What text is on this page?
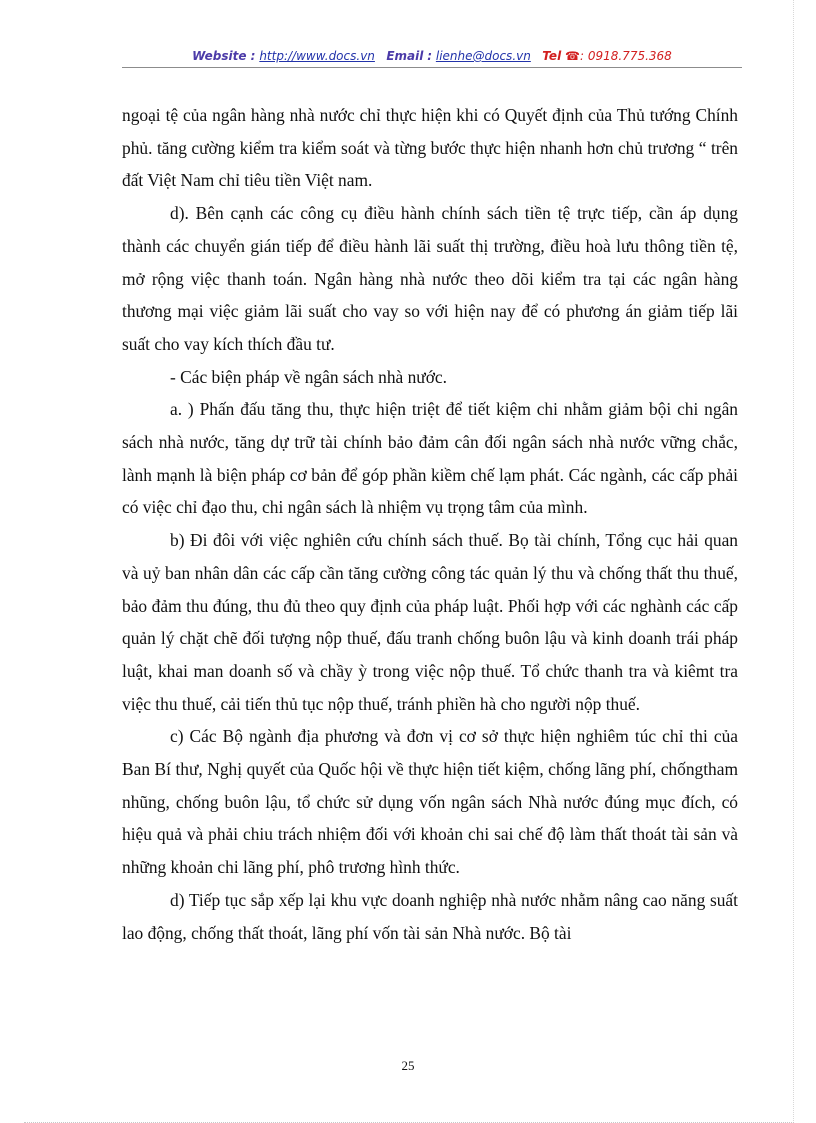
Website : http://www.docs.vn Email : lienhe@docs.vn Tel ☎: 0918.775.368

ngoại tệ của ngân hàng nhà nước chỉ thực hiện khi có Quyết định của Thủ tướng Chính phủ. tăng cường kiểm tra kiểm soát và từng bước thực hiện nhanh hơn chủ trương “ trên đất Việt Nam chỉ tiêu tiền Việt nam.

d). Bên cạnh các công cụ điều hành chính sách tiền tệ trực tiếp, cần áp dụng thành các chuyển gián tiếp để điều hành lãi suất thị trường, điều hoà lưu thông tiền tệ, mở rộng việc thanh toán. Ngân hàng nhà nước theo dõi kiểm tra tại các ngân hàng thương mại việc giảm lãi suất cho vay so với hiện nay để có phương án giảm tiếp lãi suất cho vay kích thích đầu tư.

- Các biện pháp về ngân sách nhà nước.

a. ) Phấn đấu tăng thu, thực hiện triệt để tiết kiệm chi nhằm giảm bội chi ngân sách nhà nước, tăng dự trữ tài chính bảo đảm cân đối ngân sách nhà nước vững chắc, lành mạnh là biện pháp cơ bản để góp phần kiềm chế lạm phát. Các ngành, các cấp phải có việc chỉ đạo thu, chi ngân sách là nhiệm vụ trọng tâm của mình.

b) Đi đôi với việc nghiên cứu chính sách thuế. Bọ tài chính, Tổng cục hải quan và uỷ ban nhân dân các cấp cần tăng cường công tác quản lý thu và chống thất thu thuế, bảo đảm thu đúng, thu đủ theo quy định của pháp luật. Phối hợp với các nghành các cấp quản lý chặt chẽ đối tượng nộp thuế, đấu tranh chống buôn lậu và kinh doanh trái pháp luật, khai man doanh số và chầy ỳ trong việc nộp thuế. Tổ chức thanh tra và kiêmt tra việc thu thuế, cải tiến thủ tục nộp thuế, tránh phiền hà cho người nộp thuế.

c) Các Bộ ngành địa phương và đơn vị cơ sở thực hiện nghiêm túc chỉ thi của Ban Bí thư, Nghị quyết của Quốc hội về thực hiện tiết kiệm, chống lãng phí, chốngtham nhũng, chống buôn lậu, tổ chức sử dụng vốn ngân sách Nhà nước đúng mục đích, có hiệu quả và phải chiu trách nhiệm đối với khoản chi sai chế độ làm thất thoát tài sản và những khoản chi lãng phí, phô trương hình thức.

d) Tiếp tục sắp xếp lại khu vực doanh nghiệp nhà nước nhằm nâng cao năng suất lao động, chống thất thoát, lãng phí vốn tài sản Nhà nước. Bộ tài

25
